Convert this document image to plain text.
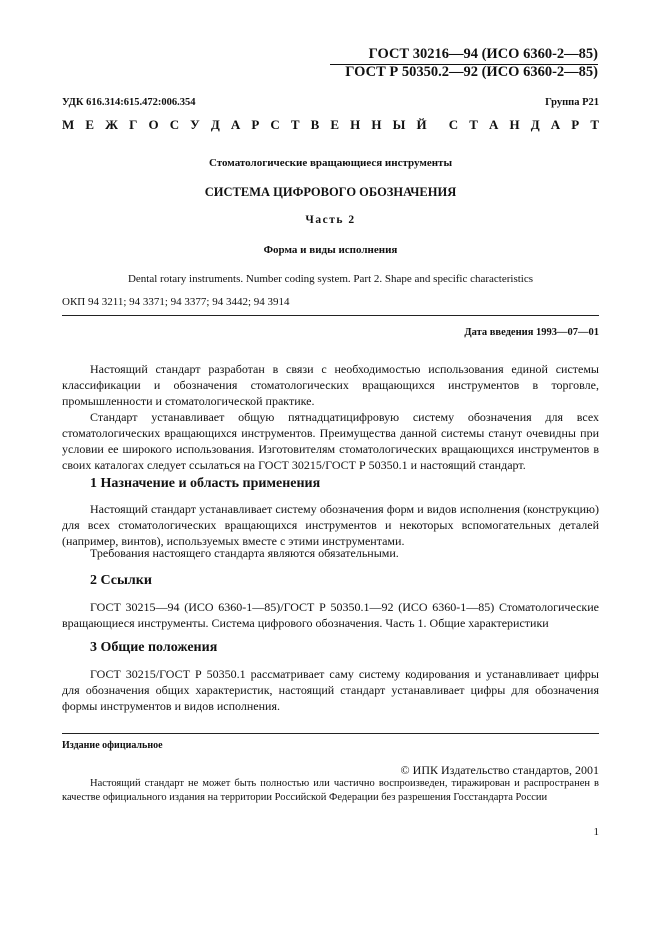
ГОСТ 30216—94 (ИСО 6360-2—85)
ГОСТ Р 50350.2—92 (ИСО 6360-2—85)
УДК 616.314:615.472:006.354	Группа Р21
М Е Ж Г О С У Д А Р С Т В Е Н Н Ы Й С Т А Н Д А Р Т
Стоматологические вращающиеся инструменты
СИСТЕМА ЦИФРОВОГО ОБОЗНАЧЕНИЯ
Часть 2
Форма и виды исполнения
Dental rotary instruments. Number coding system. Part 2. Shape and specific characteristics
ОКП 94 3211; 94 3371; 94 3377; 94 3442; 94 3914
Дата введения 1993—07—01

Настоящий стандарт разработан в связи с необходимостью использования единой системы классификации и обозначения стоматологических вращающихся инструментов в торговле, промышленности и стоматологической практике.

Стандарт устанавливает общую пятнадцатицифровую систему обозначения для всех стоматологических вращающихся инструментов. Преимущества данной системы станут очевидны при условии ее широкого использования. Изготовителям стоматологических вращающихся инструментов в своих каталогах следует ссылаться на ГОСТ 30215/ГОСТ Р 50350.1 и настоящий стандарт.

1 Назначение и область применения

Настоящий стандарт устанавливает систему обозначения форм и видов исполнения (конструкцию) для всех стоматологических вращающихся инструментов и некоторых вспомогательных деталей (например, винтов), используемых вместе с этими инструментами.

Требования настоящего стандарта являются обязательными.

2 Ссылки

ГОСТ 30215—94 (ИСО 6360-1—85)/ГОСТ Р 50350.1—92 (ИСО 6360-1—85) Стоматологические вращающиеся инструменты. Система цифрового обозначения. Часть 1. Общие характеристики

3 Общие положения

ГОСТ 30215/ГОСТ Р 50350.1 рассматривает саму систему кодирования и устанавливает цифры для обозначения общих характеристик, настоящий стандарт устанавливает цифры для обозначения формы инструментов и видов исполнения.

Издание официальное
© ИПК Издательство стандартов, 2001

Настоящий стандарт не может быть полностью или частично воспроизведен, тиражирован и распространен в качестве официального издания на территории Российской Федерации без разрешения Госстандарта России

1
